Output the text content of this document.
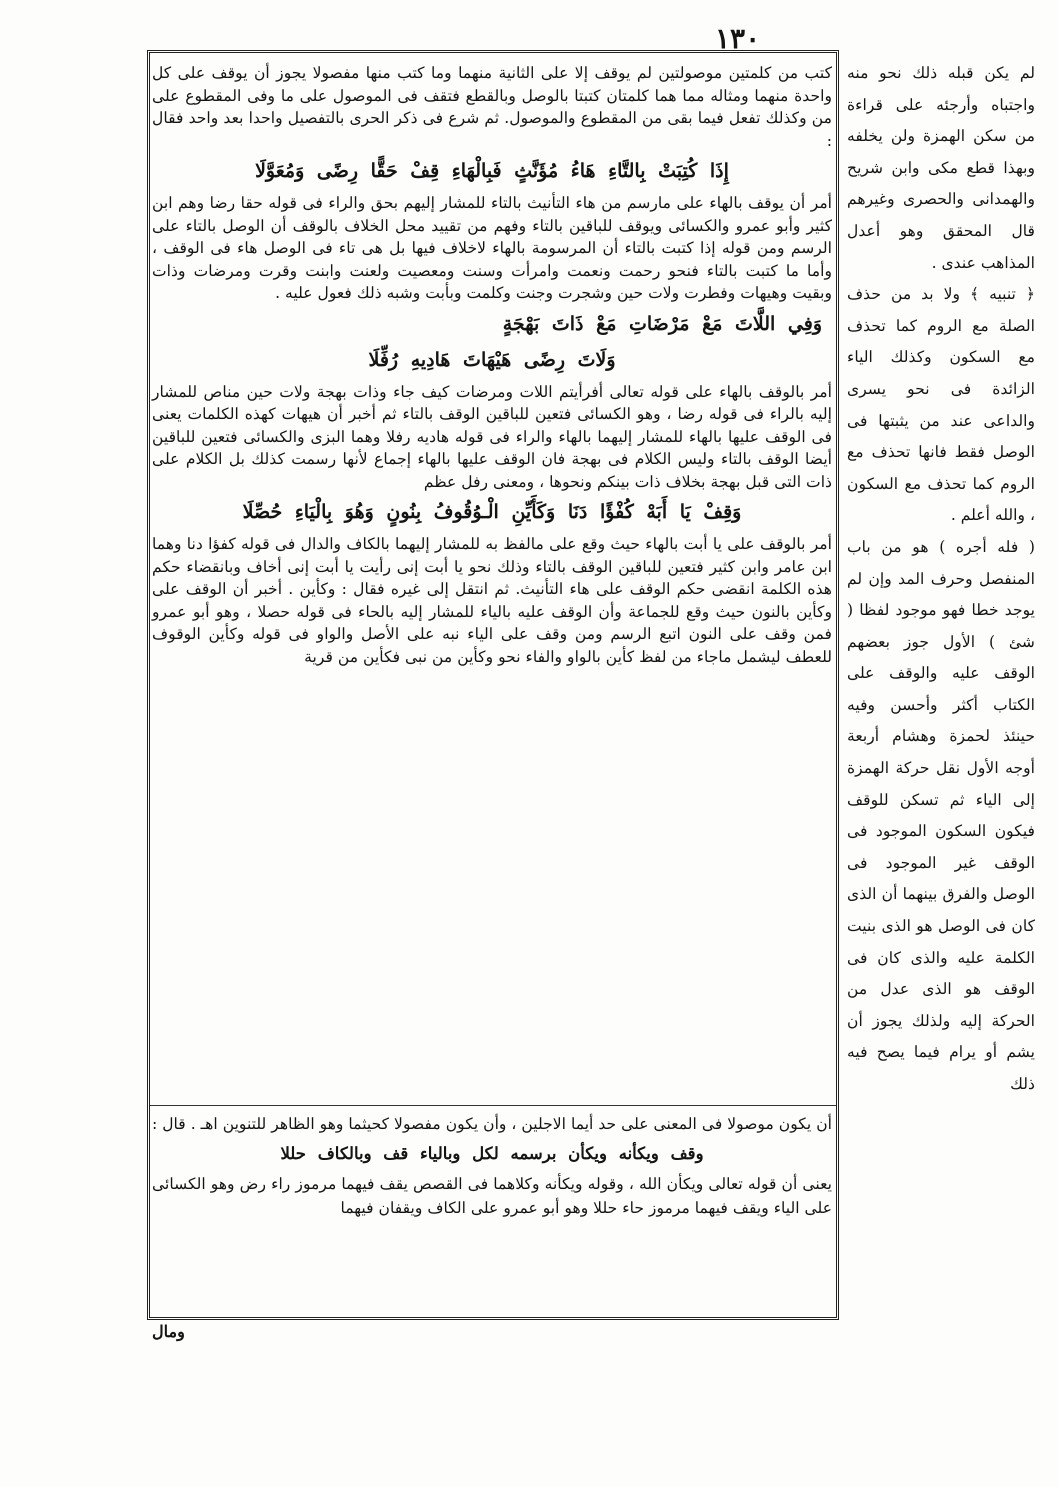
١٣٠

كتب من كلمتين موصولتين لم يوقف إلا على الثانية منهما وما كتب منها مفصولا يجوز أن يوقف على كل واحدة منهما ومثاله مما هما كلمتان كتبتا بالوصل وبالقطع فتقف فى الموصول على ما وفى المقطوع على من وكذلك تفعل فيما بقى من المقطوع والموصول. ثم شرع فى ذكر الحرى بالتفصيل واحدا بعد واحد فقال :

إِذَا كُتِبَتْ بِالتَّاءِ هَاءُ مُؤَنَّثٍ فَبِالْهَاءِ قِفْ حَقًّا رِضًى وَمُعَوَّلَا

أمر أن يوقف بالهاء على مارسم من هاء التأنيث بالتاء للمشار إليهم بحق والراء فى قوله حقا رضا وهم ابن كثير وأبو عمرو والكسائى ويوقف للباقين بالتاء وفهم من تقييد محل الخلاف بالوقف أن الوصل بالتاء على الرسم ومن قوله إذا كتبت بالتاء أن المرسومة بالهاء لاخلاف فيها بل هى تاء فى الوصل هاء فى الوقف ، وأما ما كتبت بالتاء فنحو رحمت ونعمت وامرأت وسنت ومعصيت ولعنت وابنت وقرت ومرضات وذات وبقيت وهيهات وفطرت ولات حين وشجرت وجنت وكلمت وبأبت وشبه ذلك فعول عليه .

وَفِي اللَّاتَ مَعْ مَرْضَاتِ مَعْ ذَاتَ بَهْجَةٍ
وَلَاتَ رِضًى هَيْهَاتَ هَادِيهِ رُفِّلَا

أمر بالوقف بالهاء على قوله تعالى أفرأيتم اللات ومرضات كيف جاء وذات بهجة ولات حين مناص للمشار إليه بالراء فى قوله رضا ، وهو الكسائى فتعين للباقين الوقف بالتاء ثم أخبر أن هيهات كهذه الكلمات يعنى فى الوقف عليها بالهاء للمشار إليهما بالهاء والراء فى قوله هاديه رفلا وهما البزى والكسائى فتعين للباقين أيضا الوقف بالتاء وليس الكلام فى بهجة فان الوقف عليها بالهاء إجماع لأنها رسمت كذلك بل الكلام على ذات التى قبل بهجة بخلاف ذات بينكم ونحوها ، ومعنى رفل عظم

وَقِفْ يَا أَبَهْ كُفْؤًا دَنَا وَكَأَيِّنِ الْـوُقُوفُ بِنُونٍ وَهُوَ بِالْيَاءِ حُصِّلَا

أمر بالوقف على يا أبت بالهاء حيث وقع على مالفظ به للمشار إليهما بالكاف والدال فى قوله كفؤا دنا وهما ابن عامر وابن كثير فتعين للباقين الوقف بالتاء وذلك نحو يا أبت إنى رأيت يا أبت إنى أخاف وبانقضاء حكم هذه الكلمة انقضى حكم الوقف على هاء التأنيث. ثم انتقل إلى غيره فقال : وكأين . أخبر أن الوقف على وكأين بالنون حيث وقع للجماعة وأن الوقف عليه بالياء للمشار إليه بالحاء فى قوله حصلا ، وهو أبو عمرو فمن وقف على النون اتبع الرسم ومن وقف على الياء نبه على الأصل والواو فى قوله وكأين الوقوف للعطف ليشمل ماجاء من لفظ كأين بالواو والفاء نحو وكأين من نبى فكأين من قرية

أن يكون موصولا فى المعنى على حد أيما الاجلين ، وأن يكون مفصولا كحيثما وهو الظاهر للتنوين اهـ . قال :

وقف ويكأنه ويكأن برسمه لكل وبالياء قف وبالكاف حللا

يعنى أن قوله تعالى ويكأن الله ، وقوله ويكأنه وكلاهما فى القصص يقف فيهما مرموز راء رض وهو الكسائى على الياء ويقف فيهما مرموز حاء حللا وهو أبو عمرو على الكاف ويقفان فيهما

ومال

لم يكن قبله ذلك نحو منه واجتباه وأرجئه على قراءة من سكن الهمزة ولن يخلفه وبهذا قطع مكى وابن شريح والهمدانى والحصرى وغيرهم قال المحقق وهو أعدل المذاهب عندى .

﴿ تنبيه ﴾ ولا بد من حذف الصلة مع الروم كما تحذف مع السكون وكذلك الياء الزائدة فى نحو يسرى والداعى عند من يثبتها فى الوصل فقط فانها تحذف مع الروم كما تحذف مع السكون ، والله أعلم .

( فله أجره ) هو من باب المنفصل وحرف المد وإن لم يوجد خطا فهو موجود لفظا ( شئ ) الأول جوز بعضهم الوقف عليه والوقف على الكتاب أكثر وأحسن وفيه حينئذ لحمزة وهشام أربعة أوجه الأول نقل حركة الهمزة إلى الياء ثم تسكن للوقف فيكون السكون الموجود فى الوقف غير الموجود فى الوصل والفرق بينهما أن الذى كان فى الوصل هو الذى بنيت الكلمة عليه والذى كان فى الوقف هو الذى عدل من الحركة إليه ولذلك يجوز أن يشم أو يرام فيما يصح فيه ذلك
